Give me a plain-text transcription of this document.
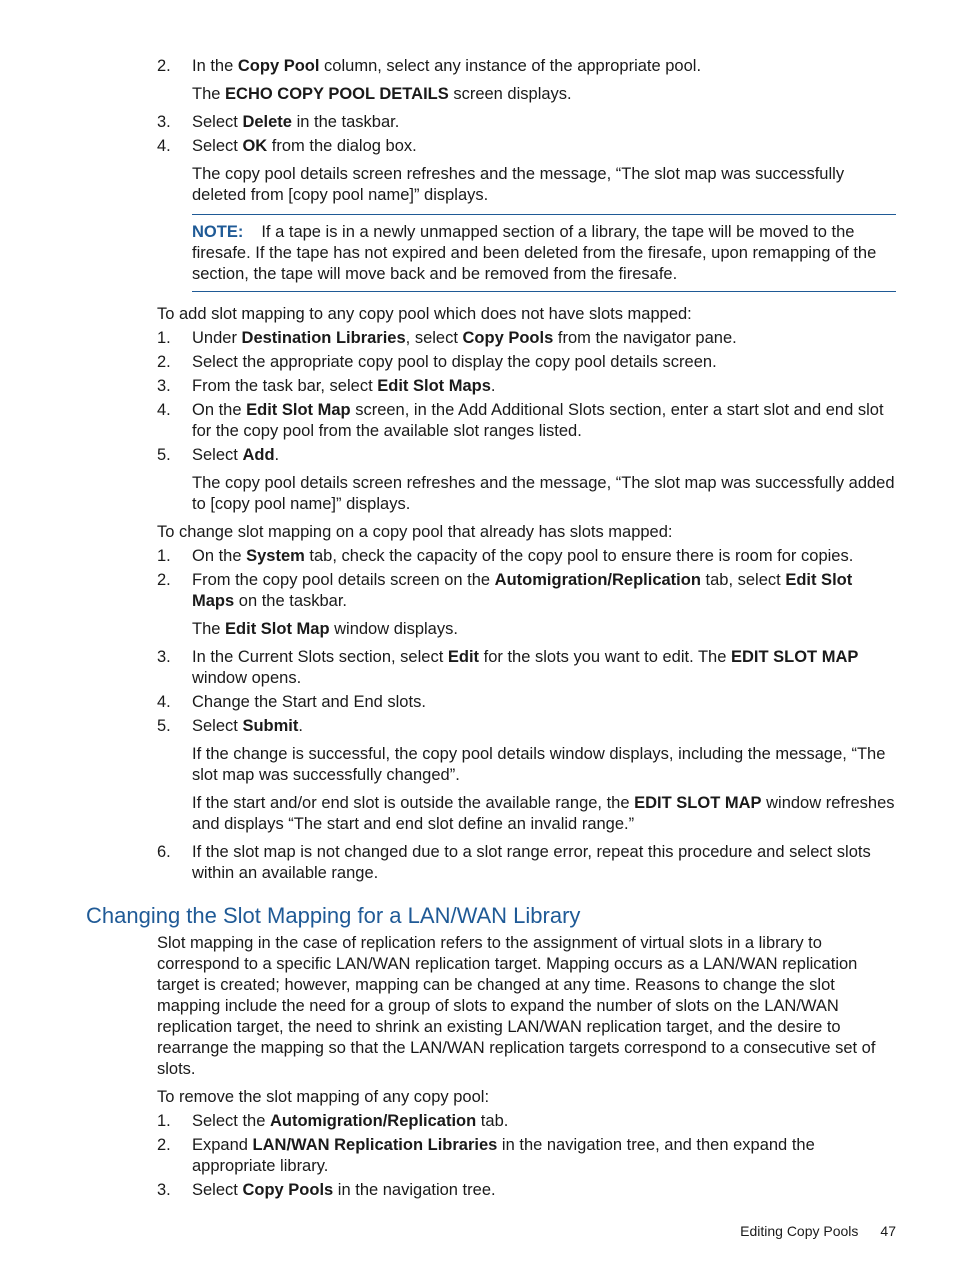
2. In the Copy Pool column, select any instance of the appropriate pool.

The ECHO COPY POOL DETAILS screen displays.

3. Select Delete in the taskbar.
4. Select OK from the dialog box.

The copy pool details screen refreshes and the message, “The slot map was successfully deleted from [copy pool name]” displays.

NOTE: If a tape is in a newly unmapped section of a library, the tape will be moved to the firesafe. If the tape has not expired and been deleted from the firesafe, upon remapping of the section, the tape will move back and be removed from the firesafe.

To add slot mapping to any copy pool which does not have slots mapped:

1. Under Destination Libraries, select Copy Pools from the navigator pane.
2. Select the appropriate copy pool to display the copy pool details screen.
3. From the task bar, select Edit Slot Maps.
4. On the Edit Slot Map screen, in the Add Additional Slots section, enter a start slot and end slot for the copy pool from the available slot ranges listed.
5. Select Add.

The copy pool details screen refreshes and the message, “The slot map was successfully added to [copy pool name]” displays.

To change slot mapping on a copy pool that already has slots mapped:

1. On the System tab, check the capacity of the copy pool to ensure there is room for copies.
2. From the copy pool details screen on the Automigration/Replication tab, select Edit Slot Maps on the taskbar.

The Edit Slot Map window displays.

3. In the Current Slots section, select Edit for the slots you want to edit. The EDIT SLOT MAP window opens.
4. Change the Start and End slots.
5. Select Submit.

If the change is successful, the copy pool details window displays, including the message, “The slot map was successfully changed”.

If the start and/or end slot is outside the available range, the EDIT SLOT MAP window refreshes and displays “The start and end slot define an invalid range.”

6. If the slot map is not changed due to a slot range error, repeat this procedure and select slots within an available range.
Changing the Slot Mapping for a LAN/WAN Library

Slot mapping in the case of replication refers to the assignment of virtual slots in a library to correspond to a specific LAN/WAN replication target. Mapping occurs as a LAN/WAN replication target is created; however, mapping can be changed at any time. Reasons to change the slot mapping include the need for a group of slots to expand the number of slots on the LAN/WAN replication target, the need to shrink an existing LAN/WAN replication target, and the desire to rearrange the mapping so that the LAN/WAN replication targets correspond to a consecutive set of slots.

To remove the slot mapping of any copy pool:

1. Select the Automigration/Replication tab.
2. Expand LAN/WAN Replication Libraries in the navigation tree, and then expand the appropriate library.
3. Select Copy Pools in the navigation tree.
Editing Copy Pools 47
